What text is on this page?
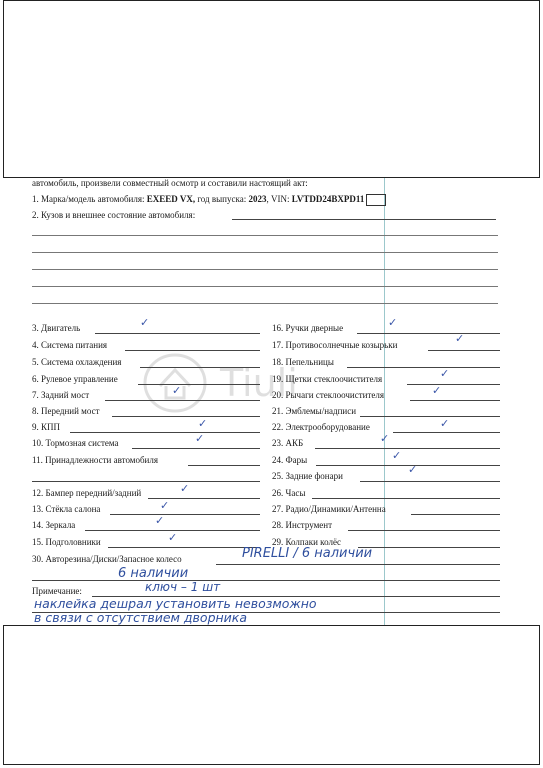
Tiuli
автомобиль, произвели совместный осмотр и составили настоящий акт:
1. Марка/модель автомобиля: EXEED VX, год выпуска: 2023, VIN: LVTDD24BXPD11
2. Кузов и внешнее состояние автомобиля:
3. Двигатель	✓
4. Система питания
5. Система охлаждения
6. Рулевое управление
7. Задний мост	✓
8. Передний мост
9. КПП	✓
10. Тормозная система	✓
11. Принадлежности автомобиля
12. Бампер передний/задний	✓
13. Стёкла салона	✓
14. Зеркала	✓
15. Подголовники	✓
16. Ручки дверные	✓
17. Противосолнечные козырьки	✓
18. Пепельницы
19. Щетки стеклоочистителя	✓
20. Рычаги стеклоочистителя	✓
21. Эмблемы/надписи
22. Электрооборудование	✓
23. АКБ	✓
24. Фары	✓
25. Задние фонари	✓
26. Часы
27. Радио/Динамики/Антенна
28. Инструмент
29. Колпаки колёс
30. Авторезина/Диски/Запасное колесо	PIRELLI / 6 наличии
6 наличии
Примечание:	ключ – 1 шт
наклейка дешрал установить невозможно
в связи с отсутствием дворника
